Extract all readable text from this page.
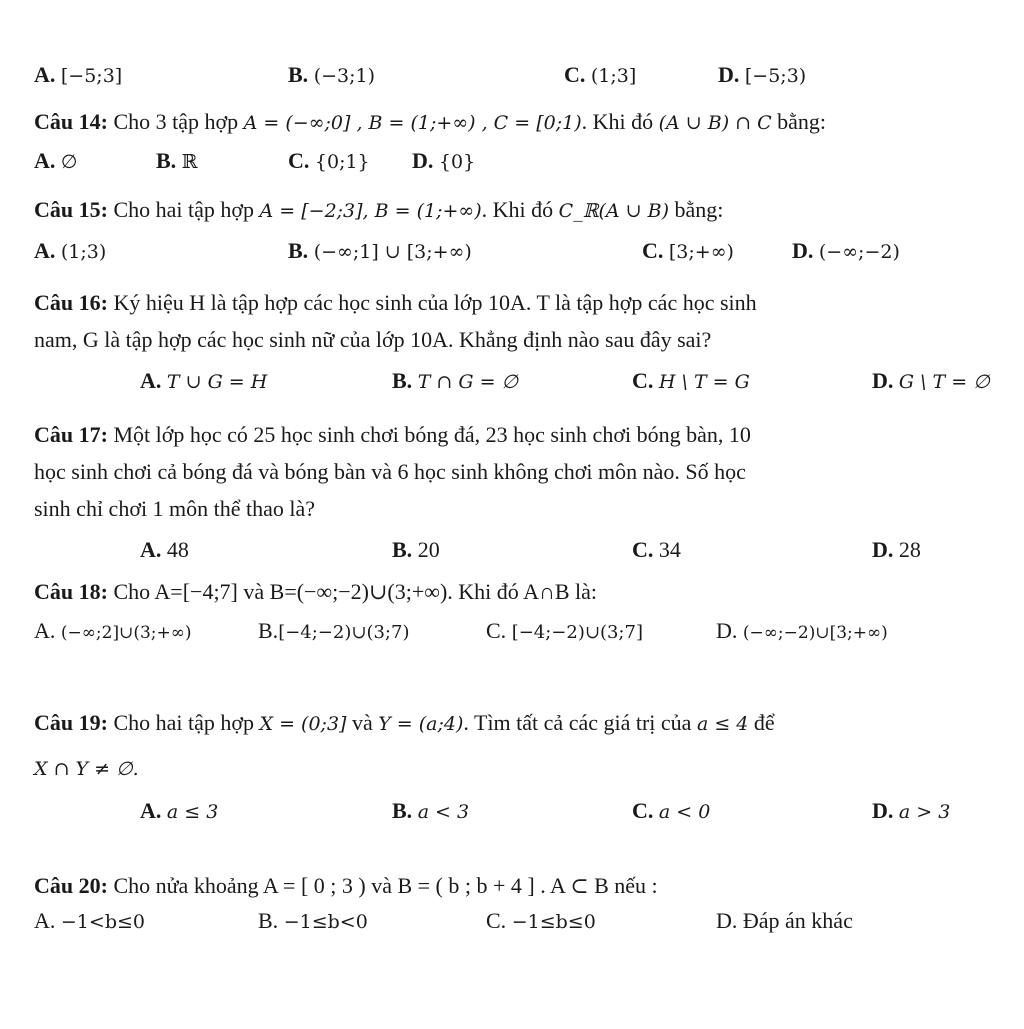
A. [−5;3]	B. (−3;1)	C. (1;3]	D. [−5;3)
Câu 14: Cho 3 tập hợp A = (−∞;0] , B = (1;+∞) , C = [0;1). Khi đó (A ∪ B) ∩ C bằng:
A. ∅	B. ℝ	C. {0;1} D. {0}
Câu 15: Cho hai tập hợp A = [−2;3], B = (1;+∞). Khi đó C_ℝ(A ∪ B) bằng:
A. (1;3)	B. (−∞;1] ∪ [3;+∞)	C. [3;+∞)	D. (−∞;−2)
Câu 16: Ký hiệu H là tập hợp các học sinh của lớp 10A. T là tập hợp các học sinh
nam, G là tập hợp các học sinh nữ của lớp 10A. Khẳng định nào sau đây sai?
A. T ∪ G = H	B. T ∩ G = ∅	C. H \ T = G	D. G \ T = ∅
Câu 17: Một lớp học có 25 học sinh chơi bóng đá, 23 học sinh chơi bóng bàn, 10
học sinh chơi cả bóng đá và bóng bàn và 6 học sinh không chơi môn nào. Số học
sinh chỉ chơi 1 môn thể thao là?
A. 48	B. 20	C. 34	D. 28
Câu 18: Cho A=[−4;7] và B=(−∞;−2)∪(3;+∞). Khi đó A∩B là:
A. (−∞;2]∪(3;+∞)	B.[−4;−2)∪(3;7)	C. [−4;−2)∪(3;7]	D. (−∞;−2)∪[3;+∞)
Câu 19: Cho hai tập hợp X = (0;3] và Y = (a;4). Tìm tất cả các giá trị của a ≤ 4 để
X ∩ Y ≠ ∅.
A. a ≤ 3	B. a < 3	C. a < 0	D. a > 3
Câu 20: Cho nửa khoảng A = [ 0 ; 3 ) và B = ( b ; b + 4 ] . A ⊂ B nếu :
A. −1<b≤0	B. −1≤b<0	C. −1≤b≤0	D. Đáp án khác
